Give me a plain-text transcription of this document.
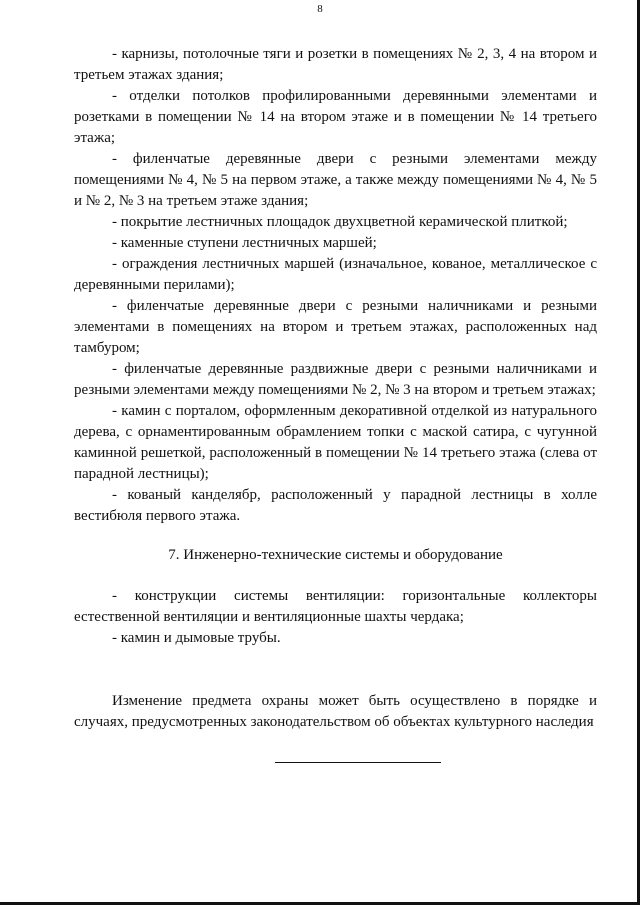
8

- карнизы, потолочные тяги и розетки в помещениях № 2, 3, 4 на втором и третьем этажах здания;

- отделки потолков профилированными деревянными элементами и розетками в помещении № 14 на втором этаже и в помещении № 14 третьего этажа;

- филенчатые деревянные двери с резными элементами между помещениями № 4, № 5 на первом этаже, а также между помещениями № 4, № 5 и № 2, № 3 на третьем этаже здания;

- покрытие лестничных площадок двухцветной керамической плиткой;

- каменные ступени лестничных маршей;

- ограждения лестничных маршей (изначальное, кованое, металлическое с деревянными перилами);

- филенчатые деревянные двери с резными наличниками и резными элементами в помещениях на втором и третьем этажах, расположенных над тамбуром;

- филенчатые деревянные раздвижные двери с резными наличниками и резными элементами между помещениями № 2, № 3 на втором и третьем этажах;

- камин с порталом, оформленным декоративной отделкой из натурального дерева, с орнаментированным обрамлением топки с маской сатира, с чугунной каминной решеткой, расположенный в помещении № 14 третьего этажа (слева от парадной лестницы);

- кованый канделябр, расположенный у парадной лестницы в холле вестибюля первого этажа.

7. Инженерно-технические системы и оборудование

- конструкции системы вентиляции: горизонтальные коллекторы естественной вентиляции и вентиляционные шахты чердака;

- камин и дымовые трубы.

Изменение предмета охраны может быть осуществлено в порядке и случаях, предусмотренных законодательством об объектах культурного наследия
